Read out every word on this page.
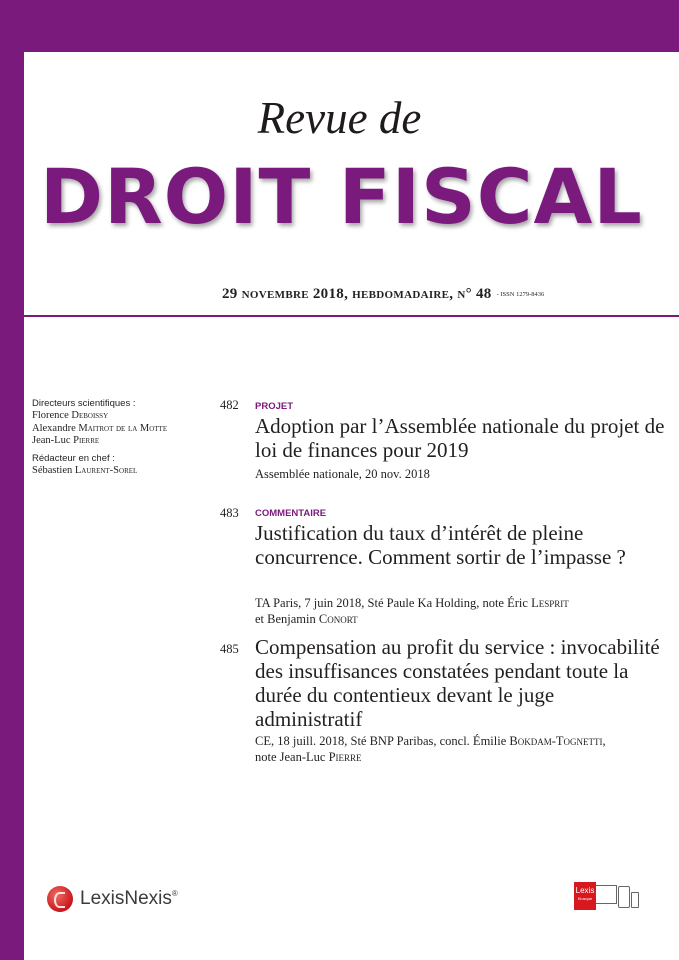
Revue de
DROIT FISCAL
29 novembre 2018, hebdomadaire, n° 48 - ISSN 1279-8436
Directeurs scientifiques :
Florence Deboissy
Alexandre Maitrot de la Motte
Jean-Luc Pierre
Rédacteur en chef :
Sébastien Laurent-Sorel
482 PROJET
Adoption par l’Assemblée nationale du projet de loi de finances pour 2019
Assemblée nationale, 20 nov. 2018
483 COMMENTAIRE
Justification du taux d’intérêt de pleine concurrence. Comment sortir de l’impasse ?
TA Paris, 7 juin 2018, Sté Paule Ka Holding, note Éric Lesprit
et Benjamin Conort
485 Compensation au profit du service : invocabilité des insuffisances constatées pendant toute la durée du contentieux devant le juge administratif
CE, 18 juill. 2018, Sté BNP Paribas, concl. Émilie Bokdam-Tognetti,
note Jean-Luc Pierre
LexisNexis®	Lexis
Kiosque
